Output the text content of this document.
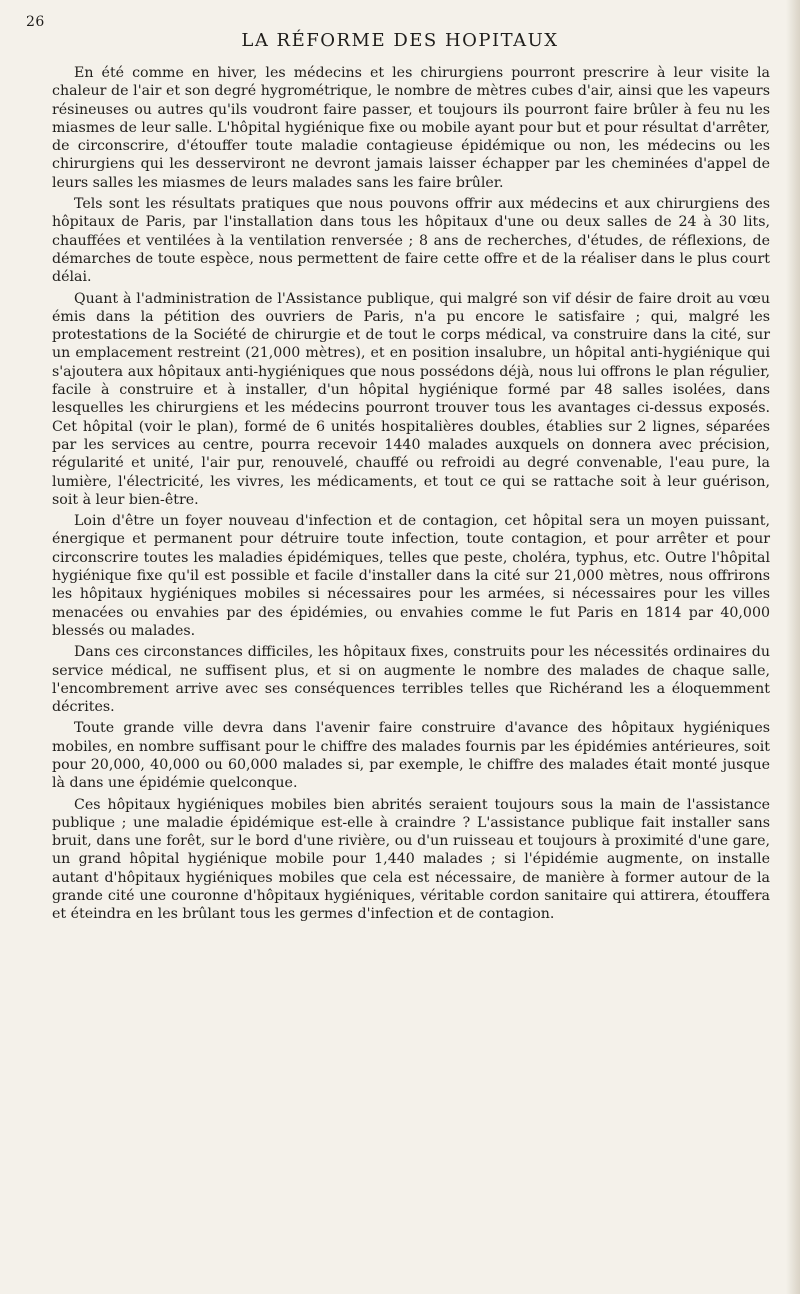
26
LA RÉFORME DES HOPITAUX

En été comme en hiver, les médecins et les chirurgiens pourront prescrire à leur visite la chaleur de l'air et son degré hygrométrique, le nombre de mètres cubes d'air, ainsi que les vapeurs résineuses ou autres qu'ils voudront faire passer, et toujours ils pourront faire brûler à feu nu les miasmes de leur salle. L'hôpital hygiénique fixe ou mobile ayant pour but et pour résultat d'arrêter, de circonscrire, d'étouffer toute maladie contagieuse épidémique ou non, les médecins ou les chirurgiens qui les desserviront ne devront jamais laisser échapper par les cheminées d'appel de leurs salles les miasmes de leurs malades sans les faire brûler.

Tels sont les résultats pratiques que nous pouvons offrir aux médecins et aux chirurgiens des hôpitaux de Paris, par l'installation dans tous les hôpitaux d'une ou deux salles de 24 à 30 lits, chauffées et ventilées à la ventilation renversée ; 8 ans de recherches, d'études, de réflexions, de démarches de toute espèce, nous permettent de faire cette offre et de la réaliser dans le plus court délai.

Quant à l'administration de l'Assistance publique, qui malgré son vif désir de faire droit au vœu émis dans la pétition des ouvriers de Paris, n'a pu encore le satisfaire ; qui, malgré les protestations de la Société de chirurgie et de tout le corps médical, va construire dans la cité, sur un emplacement restreint (21,000 mètres), et en position insalubre, un hôpital anti-hygiénique qui s'ajoutera aux hôpitaux anti-hygiéniques que nous possédons déjà, nous lui offrons le plan régulier, facile à construire et à installer, d'un hôpital hygiénique formé par 48 salles isolées, dans lesquelles les chirurgiens et les médecins pourront trouver tous les avantages ci-dessus exposés. Cet hôpital (voir le plan), formé de 6 unités hospitalières doubles, établies sur 2 lignes, séparées par les services au centre, pourra recevoir 1440 malades auxquels on donnera avec précision, régularité et unité, l'air pur, renouvelé, chauffé ou refroidi au degré convenable, l'eau pure, la lumière, l'électricité, les vivres, les médicaments, et tout ce qui se rattache soit à leur guérison, soit à leur bien-être.

Loin d'être un foyer nouveau d'infection et de contagion, cet hôpital sera un moyen puissant, énergique et permanent pour détruire toute infection, toute contagion, et pour arrêter et pour circonscrire toutes les maladies épidémiques, telles que peste, choléra, typhus, etc. Outre l'hôpital hygiénique fixe qu'il est possible et facile d'installer dans la cité sur 21,000 mètres, nous offrirons les hôpitaux hygiéniques mobiles si nécessaires pour les armées, si nécessaires pour les villes menacées ou envahies par des épidémies, ou envahies comme le fut Paris en 1814 par 40,000 blessés ou malades.

Dans ces circonstances difficiles, les hôpitaux fixes, construits pour les nécessités ordinaires du service médical, ne suffisent plus, et si on augmente le nombre des malades de chaque salle, l'encombrement arrive avec ses conséquences terribles telles que Richérand les a éloquemment décrites.

Toute grande ville devra dans l'avenir faire construire d'avance des hôpitaux hygiéniques mobiles, en nombre suffisant pour le chiffre des malades fournis par les épidémies antérieures, soit pour 20,000, 40,000 ou 60,000 malades si, par exemple, le chiffre des malades était monté jusque là dans une épidémie quelconque.

Ces hôpitaux hygiéniques mobiles bien abrités seraient toujours sous la main de l'assistance publique ; une maladie épidémique est-elle à craindre ? L'assistance publique fait installer sans bruit, dans une forêt, sur le bord d'une rivière, ou d'un ruisseau et toujours à proximité d'une gare, un grand hôpital hygiénique mobile pour 1,440 malades ; si l'épidémie augmente, on installe autant d'hôpitaux hygiéniques mobiles que cela est nécessaire, de manière à former autour de la grande cité une couronne d'hôpitaux hygiéniques, véritable cordon sanitaire qui attirera, étouffera et éteindra en les brûlant tous les germes d'infection et de contagion.
